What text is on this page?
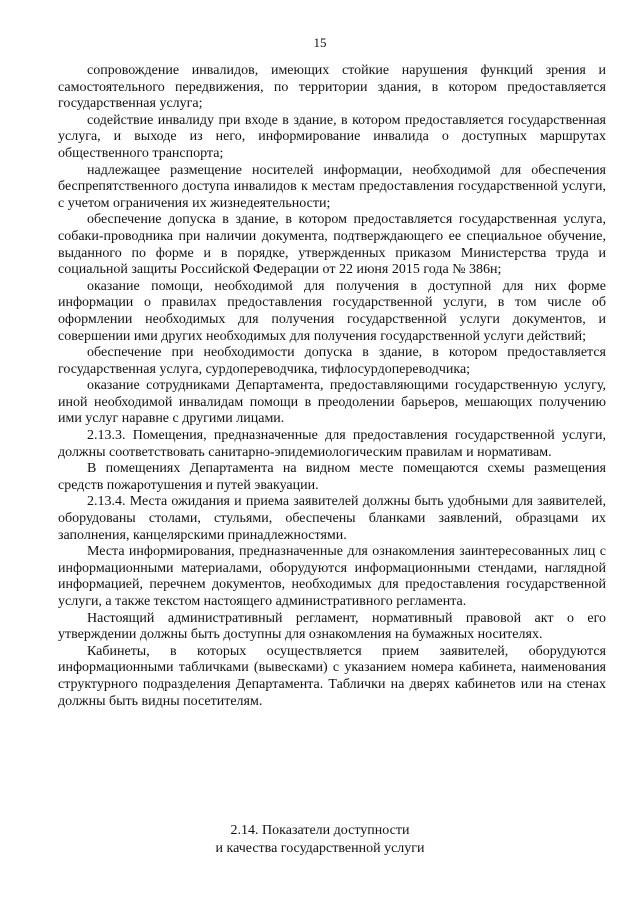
15

сопровождение инвалидов, имеющих стойкие нарушения функций зрения и самостоятельного передвижения, по территории здания, в котором предоставляется государственная услуга;

содействие инвалиду при входе в здание, в котором предоставляется государственная услуга, и выходе из него, информирование инвалида о доступных маршрутах общественного транспорта;

надлежащее размещение носителей информации, необходимой для обеспечения беспрепятственного доступа инвалидов к местам предоставления государственной услуги, с учетом ограничения их жизнедеятельности;

обеспечение допуска в здание, в котором предоставляется государственная услуга, собаки-проводника при наличии документа, подтверждающего ее специальное обучение, выданного по форме и в порядке, утвержденных приказом Министерства труда и социальной защиты Российской Федерации от 22 июня 2015 года № 386н;

оказание помощи, необходимой для получения в доступной для них форме информации о правилах предоставления государственной услуги, в том числе об оформлении необходимых для получения государственной услуги документов, и совершении ими других необходимых для получения государственной услуги действий;

обеспечение при необходимости допуска в здание, в котором предоставляется государственная услуга, сурдопереводчика, тифлосурдопереводчика;

оказание сотрудниками Департамента, предоставляющими государственную услугу, иной необходимой инвалидам помощи в преодолении барьеров, мешающих получению ими услуг наравне с другими лицами.

2.13.3. Помещения, предназначенные для предоставления государственной услуги, должны соответствовать санитарно-эпидемиологическим правилам и нормативам.

В помещениях Департамента на видном месте помещаются схемы размещения средств пожаротушения и путей эвакуации.

2.13.4. Места ожидания и приема заявителей должны быть удобными для заявителей, оборудованы столами, стульями, обеспечены бланками заявлений, образцами их заполнения, канцелярскими принадлежностями.

Места информирования, предназначенные для ознакомления заинтересованных лиц с информационными материалами, оборудуются информационными стендами, наглядной информацией, перечнем документов, необходимых для предоставления государственной услуги, а также текстом настоящего административного регламента.

Настоящий административный регламент, нормативный правовой акт о его утверждении должны быть доступны для ознакомления на бумажных носителях.

Кабинеты, в которых осуществляется прием заявителей, оборудуются информационными табличками (вывесками) с указанием номера кабинета, наименования структурного подразделения Департамента. Таблички на дверях кабинетов или на стенах должны быть видны посетителям.

2.14. Показатели доступности
и качества государственной услуги
